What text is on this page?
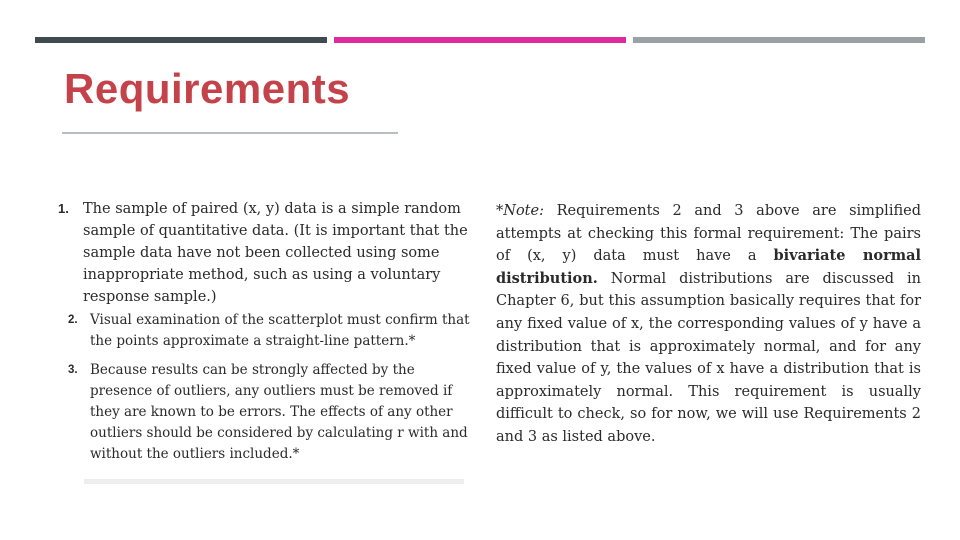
Requirements
1. The sample of paired (x, y) data is a simple random sample of quantitative data. (It is important that the sample data have not been collected using some inappropriate method, such as using a voluntary response sample.)
2. Visual examination of the scatterplot must confirm that the points approximate a straight-line pattern.*
3. Because results can be strongly affected by the presence of outliers, any outliers must be removed if they are known to be errors. The effects of any other outliers should be considered by calculating r with and without the outliers included.*
*Note: Requirements 2 and 3 above are simplified attempts at checking this formal requirement: The pairs of (x, y) data must have a bivariate normal distribution. Normal distributions are discussed in Chapter 6, but this assumption basically requires that for any fixed value of x, the corresponding values of y have a distribution that is approximately normal, and for any fixed value of y, the values of x have a distribution that is approximately normal. This requirement is usually difficult to check, so for now, we will use Requirements 2 and 3 as listed above.
